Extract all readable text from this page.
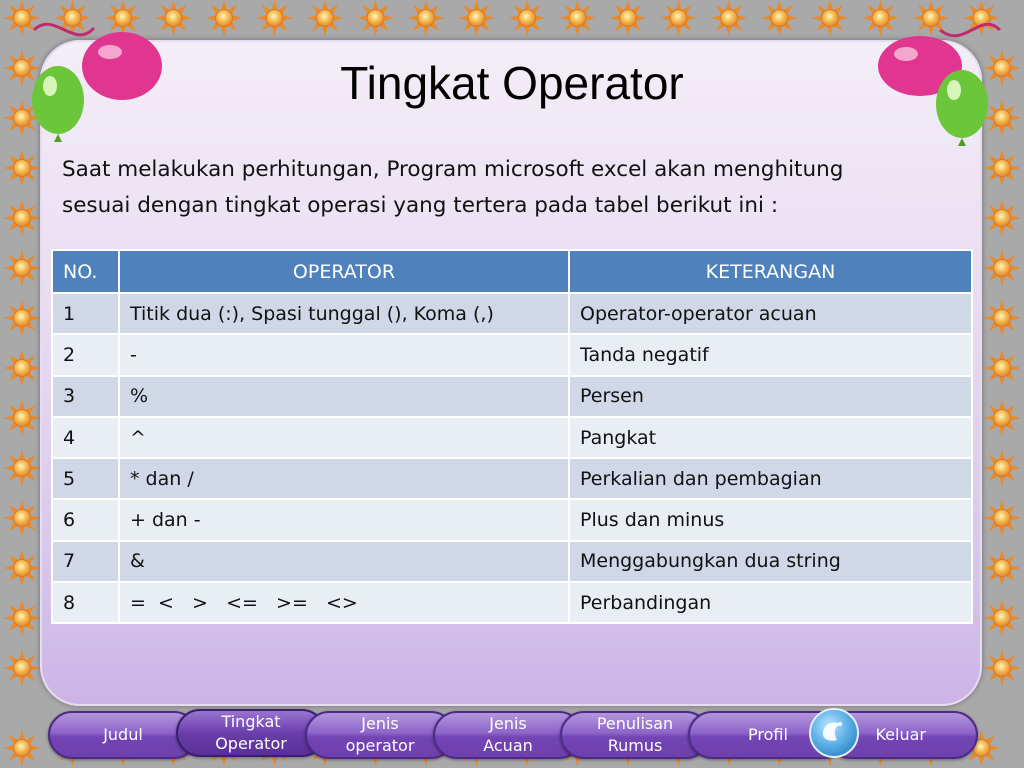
Tingkat Operator
Saat melakukan perhitungan, Program microsoft excel akan menghitung
sesuai dengan tingkat operasi yang tertera pada tabel berikut ini :
NO.	OPERATOR	KETERANGAN
1	Titik dua (:), Spasi tunggal (), Koma (,)	Operator-operator acuan
2	-	Tanda negatif
3	%	Persen
4	^	Pangkat
5	* dan /	Perkalian dan pembagian
6	+ dan -	Plus dan minus
7	&	Menggabungkan dua string
8	=  <   >   <=   >=   <>	Perbandingan
Judul
Tingkat Operator
Jenis operator
Jenis Acuan
Penulisan Rumus
Profil	Keluar
